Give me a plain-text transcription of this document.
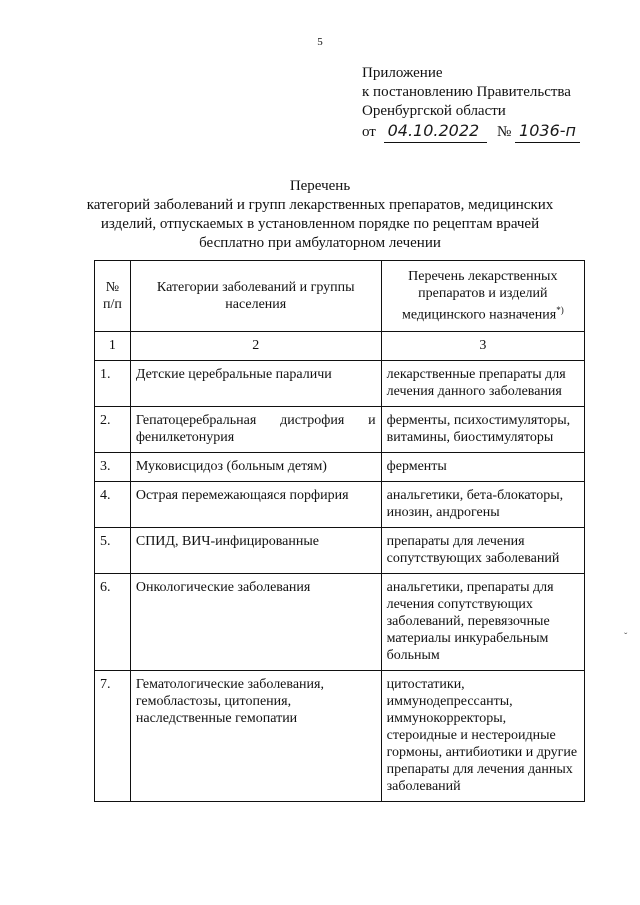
5
Приложение
к постановлению Правительства
Оренбургской области
от 04.10.2022 № 1036-п
Перечень
категорий заболеваний и групп лекарственных препаратов, медицинских
изделий, отпускаемых в установленном порядке по рецептам врачей
бесплатно при амбулаторном лечении
№ п/п	Категории заболеваний и группы населения	Перечень лекарственных препаратов и изделий медицинского назначения*)
1	2	3
1.	Детские церебральные параличи	лекарственные препараты для лечения данного заболевания
2.	Гепатоцеребральная дистрофия и фенилкетонурия	ферменты, психостимуляторы, витамины, биостимуляторы
3.	Муковисцидоз (больным детям)	ферменты
4.	Острая перемежающаяся порфирия	анальгетики, бета-блокаторы, инозин, андрогены
5.	СПИД, ВИЧ-инфицированные	препараты для лечения сопутствующих заболеваний
6.	Онкологические заболевания	анальгетики, препараты для лечения сопутствующих заболеваний, перевязочные материалы инкурабельным больным
7.	Гематологические заболевания, гемобластозы, цитопения, наследственные гемопатии	цитостатики, иммунодепрессанты, иммунокорректоры, стероидные и нестероидные гормоны, антибиотики и другие препараты для лечения данных заболеваний
ˇ
